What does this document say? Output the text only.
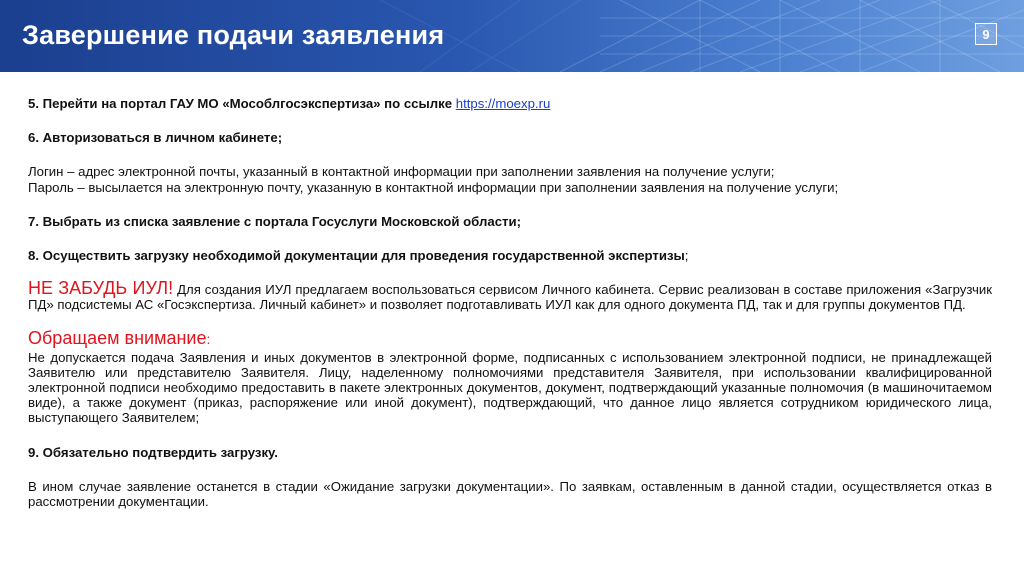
Завершение подачи заявления	9

5. Перейти на портал ГАУ МО «Мособлгосэкспертиза» по ссылке https://moexp.ru

6. Авторизоваться в личном кабинете;

Логин – адрес электронной почты, указанный в контактной информации при заполнении заявления на получение услуги;

Пароль – высылается на электронную почту, указанную в контактной информации при заполнении заявления на получение услуги;

7. Выбрать из списка заявление с портала Госуслуги Московской области;

8. Осуществить загрузку необходимой документации для проведения государственной экспертизы;

НЕ ЗАБУДЬ ИУЛ! Для создания ИУЛ предлагаем воспользоваться сервисом Личного кабинета. Сервис реализован в составе приложения «Загрузчик ПД» подсистемы АС «Госэкспертиза. Личный кабинет» и позволяет подготавливать ИУЛ как для одного документа ПД, так и для группы документов ПД.

Обращаем внимание:

Не допускается подача Заявления и иных документов в электронной форме, подписанных с использованием электронной подписи, не принадлежащей Заявителю или представителю Заявителя. Лицу, наделенному полномочиями представителя Заявителя, при использовании квалифицированной электронной подписи необходимо предоставить в пакете электронных документов, документ, подтверждающий указанные полномочия (в машиночитаемом виде), а также документ (приказ, распоряжение или иной документ), подтверждающий, что данное лицо является сотрудником юридического лица, выступающего Заявителем;

9. Обязательно подтвердить загрузку.

В ином случае заявление останется в стадии «Ожидание загрузки документации». По заявкам, оставленным в данной стадии, осуществляется отказ в рассмотрении документации.
